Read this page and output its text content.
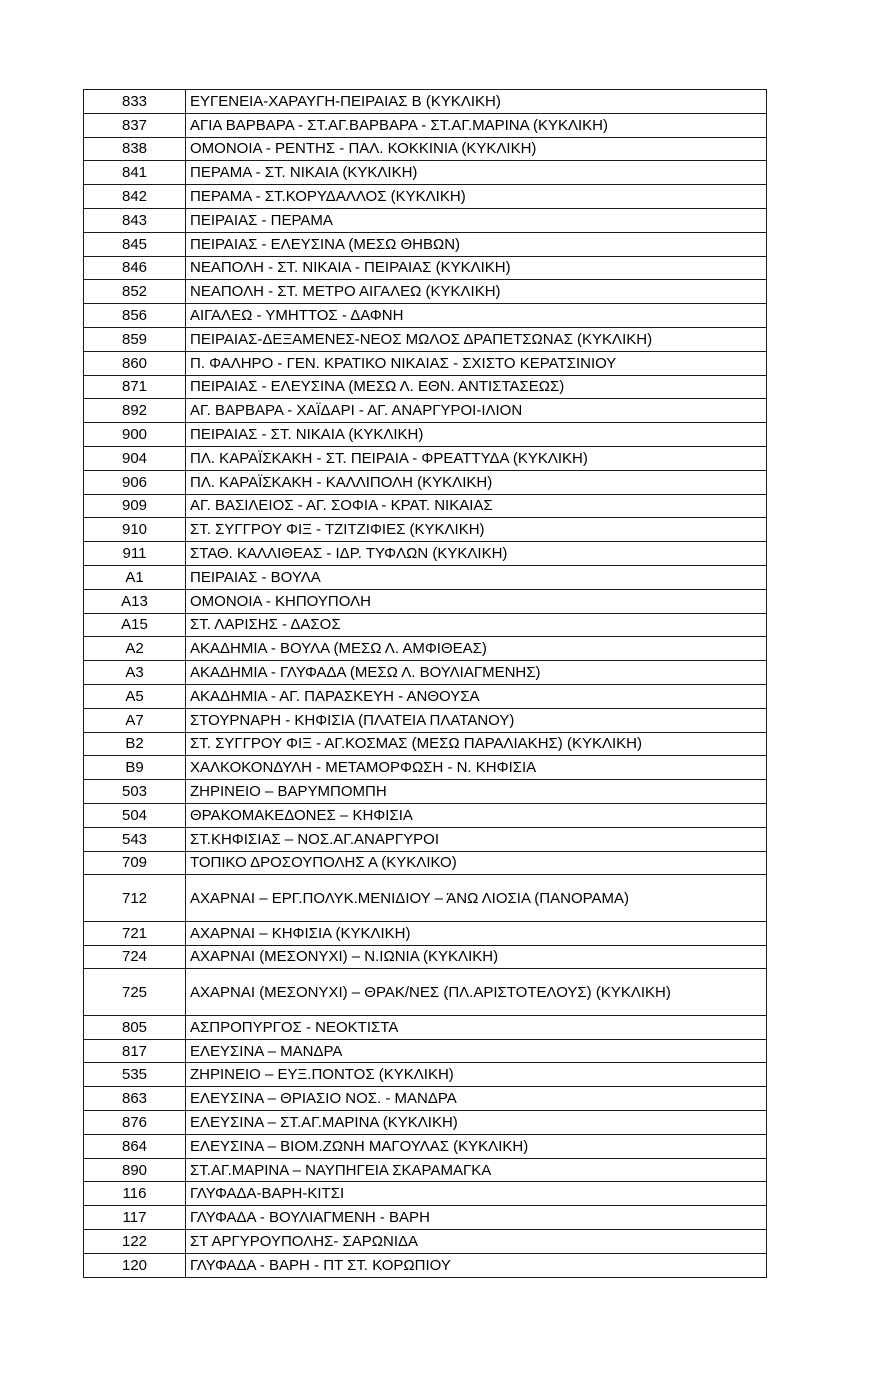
833	ΕΥΓΕΝΕΙΑ-ΧΑΡΑΥΓΗ-ΠΕΙΡΑΙΑΣ Β (ΚΥΚΛΙΚΗ)
837	ΑΓΙΑ ΒΑΡΒΑΡΑ - ΣΤ.ΑΓ.ΒΑΡΒΑΡΑ - ΣΤ.ΑΓ.ΜΑΡΙΝΑ (ΚΥΚΛΙΚΗ)
838	ΟΜΟΝΟΙΑ - ΡΕΝΤΗΣ - ΠΑΛ. ΚΟΚΚΙΝΙΑ (ΚΥΚΛΙΚΗ)
841	ΠΕΡΑΜΑ - ΣΤ. ΝΙΚΑΙΑ (ΚΥΚΛΙΚΗ)
842	ΠΕΡΑΜΑ - ΣΤ.ΚΟΡΥΔΑΛΛΟΣ (ΚΥΚΛΙΚΗ)
843	ΠΕΙΡΑΙΑΣ - ΠΕΡΑΜΑ
845	ΠΕΙΡΑΙΑΣ - ΕΛΕΥΣΙΝΑ (ΜΕΣΩ ΘΗΒΩΝ)
846	ΝΕΑΠΟΛΗ - ΣΤ. ΝΙΚΑΙΑ - ΠΕΙΡΑΙΑΣ (ΚΥΚΛΙΚΗ)
852	ΝΕΑΠΟΛΗ - ΣΤ. ΜΕΤΡΟ ΑΙΓΑΛΕΩ (ΚΥΚΛΙΚΗ)
856	ΑΙΓΑΛΕΩ - ΥΜΗΤΤΟΣ - ΔΑΦΝΗ
859	ΠΕΙΡΑΙΑΣ-ΔΕΞΑΜΕΝΕΣ-ΝΕΟΣ ΜΩΛΟΣ ΔΡΑΠΕΤΣΩΝΑΣ (ΚΥΚΛΙΚΗ)
860	Π. ΦΑΛΗΡΟ - ΓΕΝ. ΚΡΑΤΙΚΟ ΝΙΚΑΙΑΣ - ΣΧΙΣΤΟ ΚΕΡΑΤΣΙΝΙΟΥ
871	ΠΕΙΡΑΙΑΣ - ΕΛΕΥΣΙΝΑ (ΜΕΣΩ Λ. ΕΘΝ. ΑΝΤΙΣΤΑΣΕΩΣ)
892	ΑΓ. ΒΑΡΒΑΡΑ - ΧΑΪΔΑΡΙ - ΑΓ. ΑΝΑΡΓΥΡΟΙ-ΙΛΙΟΝ
900	ΠΕΙΡΑΙΑΣ - ΣΤ. ΝΙΚΑΙΑ (ΚΥΚΛΙΚΗ)
904	ΠΛ. ΚΑΡΑΪΣΚΑΚΗ - ΣΤ. ΠΕΙΡΑΙΑ - ΦΡΕΑΤΤΥΔΑ (ΚΥΚΛΙΚΗ)
906	ΠΛ. ΚΑΡΑΪΣΚΑΚΗ - ΚΑΛΛΙΠΟΛΗ (ΚΥΚΛΙΚΗ)
909	ΑΓ. ΒΑΣΙΛΕΙΟΣ - ΑΓ. ΣΟΦΙΑ - ΚΡΑΤ. ΝΙΚΑΙΑΣ
910	ΣΤ. ΣΥΓΓΡΟΥ ΦΙΞ - ΤΖΙΤΖΙΦΙΕΣ (ΚΥΚΛΙΚΗ)
911	ΣΤΑΘ. ΚΑΛΛΙΘΕΑΣ - ΙΔΡ. ΤΥΦΛΩΝ (ΚΥΚΛΙΚΗ)
Α1	ΠΕΙΡΑΙΑΣ - ΒΟΥΛΑ
Α13	ΟΜΟΝΟΙΑ - ΚΗΠΟΥΠΟΛΗ
Α15	ΣΤ. ΛΑΡΙΣΗΣ - ΔΑΣΟΣ
Α2	ΑΚΑΔΗΜΙΑ - ΒΟΥΛΑ (ΜΕΣΩ Λ. ΑΜΦΙΘΕΑΣ)
Α3	ΑΚΑΔΗΜΙΑ - ΓΛΥΦΑΔΑ (ΜΕΣΩ Λ. ΒΟΥΛΙΑΓΜΕΝΗΣ)
Α5	ΑΚΑΔΗΜΙΑ - ΑΓ. ΠΑΡΑΣΚΕΥΗ - ΑΝΘΟΥΣΑ
Α7	ΣΤΟΥΡΝΑΡΗ - ΚΗΦΙΣΙΑ (ΠΛΑΤΕΙΑ ΠΛΑΤΑΝΟΥ)
Β2	ΣΤ. ΣΥΓΓΡΟΥ ΦΙΞ - ΑΓ.ΚΟΣΜΑΣ (ΜΕΣΩ ΠΑΡΑΛΙΑΚΗΣ) (ΚΥΚΛΙΚΗ)
Β9	ΧΑΛΚΟΚΟΝΔΥΛΗ - ΜΕΤΑΜΟΡΦΩΣΗ - Ν. ΚΗΦΙΣΙΑ
503	ΖΗΡΙΝΕΙΟ – ΒΑΡΥΜΠΟΜΠΗ
504	ΘΡΑΚΟΜΑΚΕΔΟΝΕΣ – ΚΗΦΙΣΙΑ
543	ΣΤ.ΚΗΦΙΣΙΑΣ – ΝΟΣ.ΑΓ.ΑΝΑΡΓΥΡΟΙ
709	ΤΟΠΙΚΟ ΔΡΟΣΟΥΠΟΛΗΣ Α (ΚΥΚΛΙΚΟ)
712	ΑΧΑΡΝΑΙ – ΕΡΓ.ΠΟΛΥΚ.ΜΕΝΙΔΙΟΥ – ΆΝΩ ΛΙΟΣΙΑ (ΠΑΝΟΡΑΜΑ)
721	ΑΧΑΡΝΑΙ – ΚΗΦΙΣΙΑ (ΚΥΚΛΙΚΗ)
724	ΑΧΑΡΝΑΙ (ΜΕΣΟΝΥΧΙ) – Ν.ΙΩΝΙΑ (ΚΥΚΛΙΚΗ)
725	ΑΧΑΡΝΑΙ (ΜΕΣΟΝΥΧΙ) – ΘΡΑΚ/ΝΕΣ (ΠΛ.ΑΡΙΣΤΟΤΕΛΟΥΣ) (ΚΥΚΛΙΚΗ)
805	ΑΣΠΡΟΠΥΡΓΟΣ - ΝΕΟΚΤΙΣΤΑ
817	ΕΛΕΥΣΙΝΑ – ΜΑΝΔΡΑ
535	ΖΗΡΙΝΕΙΟ – ΕΥΞ.ΠΟΝΤΟΣ (ΚΥΚΛΙΚΗ)
863	ΕΛΕΥΣΙΝΑ – ΘΡΙΑΣΙΟ ΝΟΣ. - ΜΑΝΔΡΑ
876	ΕΛΕΥΣΙΝΑ – ΣΤ.ΑΓ.ΜΑΡΙΝΑ (ΚΥΚΛΙΚΗ)
864	ΕΛΕΥΣΙΝΑ – ΒΙΟΜ.ΖΩΝΗ ΜΑΓΟΥΛΑΣ (ΚΥΚΛΙΚΗ)
890	ΣΤ.ΑΓ.ΜΑΡΙΝΑ – ΝΑΥΠΗΓΕΙΑ ΣΚΑΡΑΜΑΓΚΑ
116	ΓΛΥΦΑΔΑ-ΒΑΡΗ-ΚΙΤΣΙ
117	ΓΛΥΦΑΔΑ - ΒΟΥΛΙΑΓΜΕΝΗ - ΒΑΡΗ
122	ΣΤ ΑΡΓΥΡΟΥΠΟΛΗΣ- ΣΑΡΩΝΙΔΑ
120	ΓΛΥΦΑΔΑ - ΒΑΡΗ - ΠΤ ΣΤ. ΚΟΡΩΠΙΟΥ
